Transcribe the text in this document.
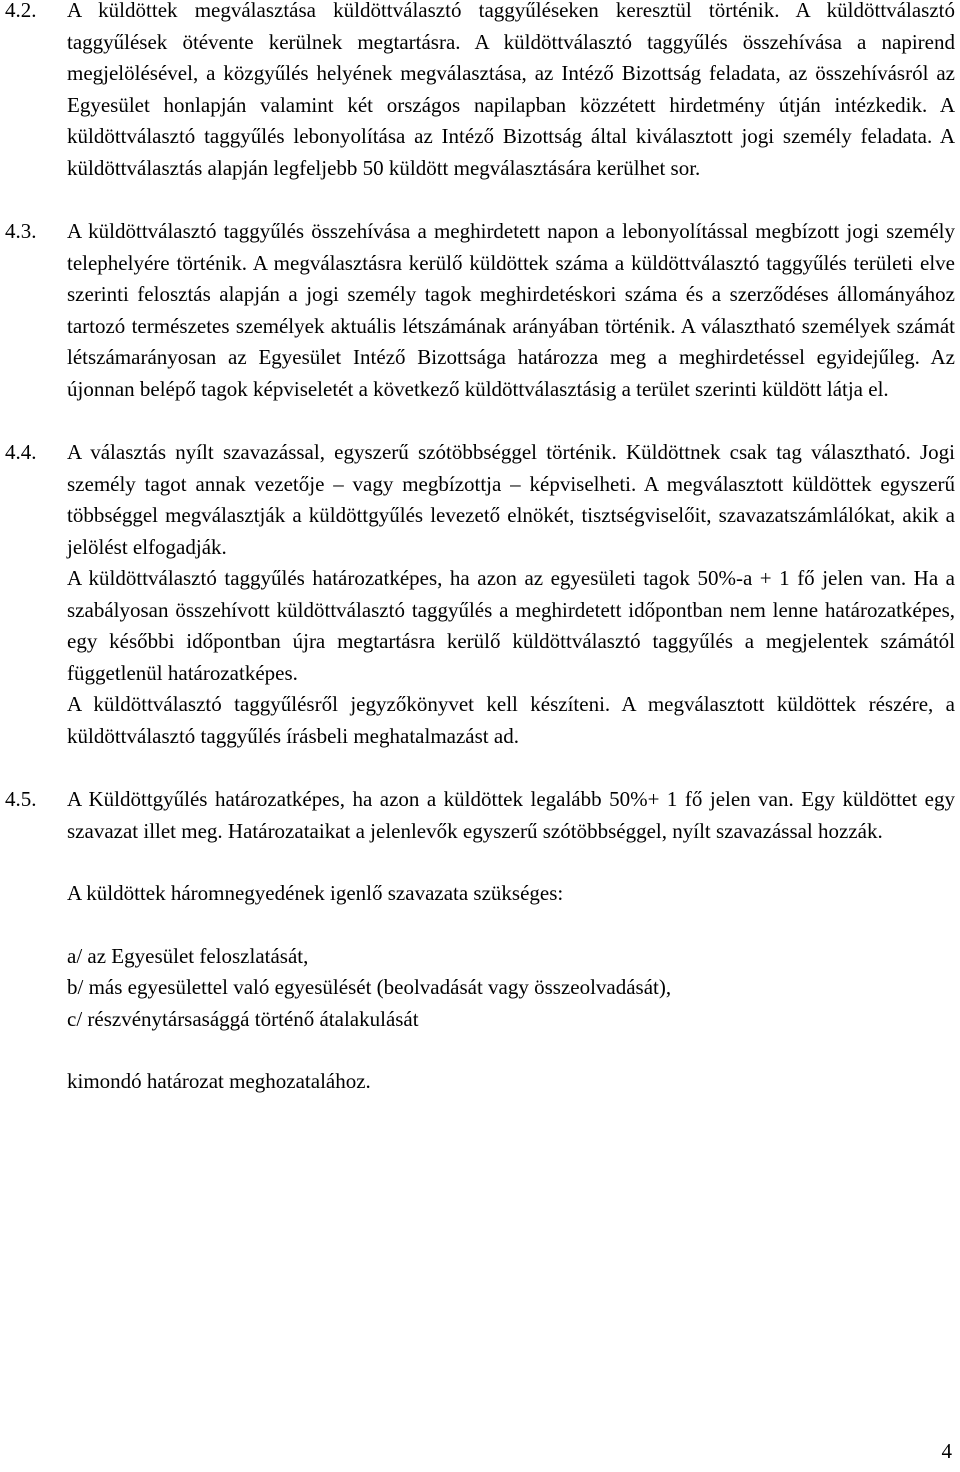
4.2. A küldöttek megválasztása küldöttválasztó taggyűléseken keresztül történik. A küldöttválasztó taggyűlések ötévente kerülnek megtartásra. A küldöttválasztó taggyűlés összehívása a napirend megjelölésével, a közgyűlés helyének megválasztása, az Intéző Bizottság feladata, az összehívásról az Egyesület honlapján valamint két országos napilapban közzétett hirdetmény útján intézkedik. A küldöttválasztó taggyűlés lebonyolítása az Intéző Bizottság által kiválasztott jogi személy feladata. A küldöttválasztás alapján legfeljebb 50 küldött megválasztására kerülhet sor.

4.3. A küldöttválasztó taggyűlés összehívása a meghirdetett napon a lebonyolítással megbízott jogi személy telephelyére történik. A megválasztásra kerülő küldöttek száma a küldöttválasztó taggyűlés területi elve szerinti felosztás alapján a jogi személy tagok meghirdetéskori száma és a szerződéses állományához tartozó természetes személyek aktuális létszámának arányában történik. A választható személyek számát létszámarányosan az Egyesület Intéző Bizottsága határozza meg a meghirdetéssel egyidejűleg. Az újonnan belépő tagok képviseletét a következő küldöttválasztásig a terület szerinti küldött látja el.

4.4. A választás nyílt szavazással, egyszerű szótöbbséggel történik. Küldöttnek csak tag választható. Jogi személy tagot annak vezetője – vagy megbízottja – képviselheti. A megválasztott küldöttek egyszerű többséggel megválasztják a küldöttgyűlés levezető elnökét, tisztségviselőit, szavazatszámlálókat, akik a jelölést elfogadják.

A küldöttválasztó taggyűlés határozatképes, ha azon az egyesületi tagok 50%-a + 1 fő jelen van. Ha a szabályosan összehívott küldöttválasztó taggyűlés a meghirdetett időpontban nem lenne határozatképes, egy későbbi időpontban újra megtartásra kerülő küldöttválasztó taggyűlés a megjelentek számától függetlenül határozatképes.

A küldöttválasztó taggyűlésről jegyzőkönyvet kell készíteni. A megválasztott küldöttek részére, a küldöttválasztó taggyűlés írásbeli meghatalmazást ad.

4.5. A Küldöttgyűlés határozatképes, ha azon a küldöttek legalább 50%+ 1 fő jelen van. Egy küldöttet egy szavazat illet meg. Határozataikat a jelenlevők egyszerű szótöbbséggel, nyílt szavazással hozzák.

A küldöttek háromnegyedének igenlő szavazata szükséges:

a/ az Egyesület feloszlatását,

b/ más egyesülettel való egyesülését (beolvadását vagy összeolvadását),

c/ részvénytársasággá történő átalakulását

kimondó határozat meghozatalához.

4
